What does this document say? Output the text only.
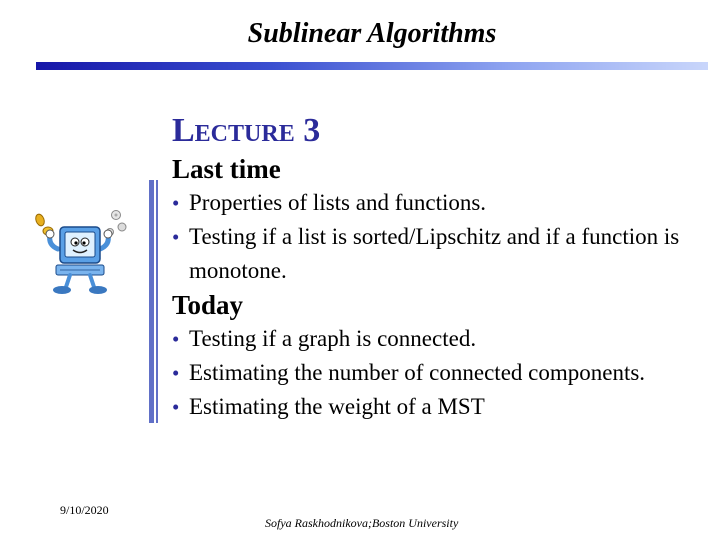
Sublinear Algorithms
Lecture 3
Last time
• Properties of lists and functions.
• Testing if a list is sorted/Lipschitz and if a function is monotone.
Today
• Testing if a graph is connected.
• Estimating the number of connected components.
• Estimating the weight of a MST
9/10/2020
Sofya Raskhodnikova;Boston University
